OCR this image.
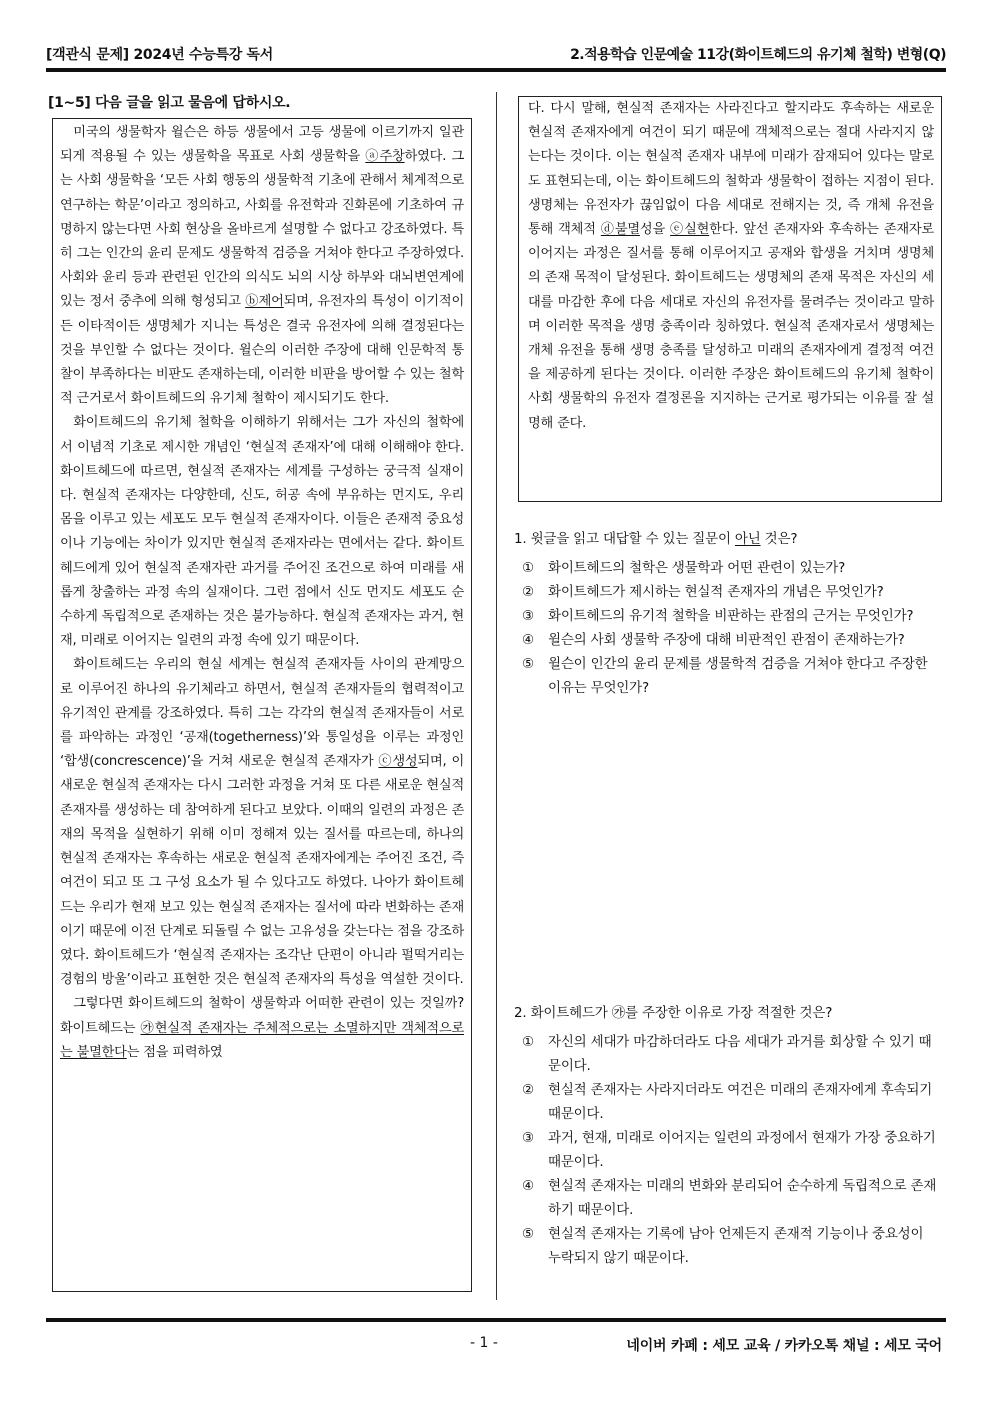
[객관식 문제] 2024년 수능특강 독서	2.적용학습 인문예술 11강(화이트헤드의 유기체 철학) 변형(Q)
[1~5] 다음 글을 읽고 물음에 답하시오.

미국의 생물학자 윌슨은 하등 생물에서 고등 생물에 이르기까지 일관되게 적용될 수 있는 생물학을 목표로 사회 생물학을 ⓐ주창하였다. 그는 사회 생물학을 ‘모든 사회 행동의 생물학적 기초에 관해서 체계적으로 연구하는 학문’이라고 정의하고, 사회를 유전학과 진화론에 기초하여 규명하지 않는다면 사회 현상을 올바르게 설명할 수 없다고 강조하였다. 특히 그는 인간의 윤리 문제도 생물학적 검증을 거쳐야 한다고 주장하였다. 사회와 윤리 등과 관련된 인간의 의식도 뇌의 시상 하부와 대뇌변연계에 있는 정서 중추에 의해 형성되고 ⓑ제어되며, 유전자의 특성이 이기적이든 이타적이든 생명체가 지니는 특성은 결국 유전자에 의해 결정된다는 것을 부인할 수 없다는 것이다. 윌슨의 이러한 주장에 대해 인문학적 통찰이 부족하다는 비판도 존재하는데, 이러한 비판을 방어할 수 있는 철학적 근거로서 화이트헤드의 유기체 철학이 제시되기도 한다.

화이트헤드의 유기체 철학을 이해하기 위해서는 그가 자신의 철학에서 이념적 기초로 제시한 개념인 ‘현실적 존재자’에 대해 이해해야 한다. 화이트헤드에 따르면, 현실적 존재자는 세계를 구성하는 궁극적 실재이다. 현실적 존재자는 다양한데, 신도, 허공 속에 부유하는 먼지도, 우리 몸을 이루고 있는 세포도 모두 현실적 존재자이다. 이들은 존재적 중요성이나 기능에는 차이가 있지만 현실적 존재자라는 면에서는 같다. 화이트헤드에게 있어 현실적 존재자란 과거를 주어진 조건으로 하여 미래를 새롭게 창출하는 과정 속의 실재이다. 그런 점에서 신도 먼지도 세포도 순수하게 독립적으로 존재하는 것은 불가능하다. 현실적 존재자는 과거, 현재, 미래로 이어지는 일련의 과정 속에 있기 때문이다.

화이트헤드는 우리의 현실 세계는 현실적 존재자들 사이의 관계망으로 이루어진 하나의 유기체라고 하면서, 현실적 존재자들의 협력적이고 유기적인 관계를 강조하였다. 특히 그는 각각의 현실적 존재자들이 서로를 파악하는 과정인 ‘공재(togetherness)’와 통일성을 이루는 과정인 ‘합생(concrescence)’을 거쳐 새로운 현실적 존재자가 ⓒ생성되며, 이 새로운 현실적 존재자는 다시 그러한 과정을 거쳐 또 다른 새로운 현실적 존재자를 생성하는 데 참여하게 된다고 보았다. 이때의 일련의 과정은 존재의 목적을 실현하기 위해 이미 정해져 있는 질서를 따르는데, 하나의 현실적 존재자는 후속하는 새로운 현실적 존재자에게는 주어진 조건, 즉 여건이 되고 또 그 구성 요소가 될 수 있다고도 하였다. 나아가 화이트헤드는 우리가 현재 보고 있는 현실적 존재자는 질서에 따라 변화하는 존재이기 때문에 이전 단계로 되돌릴 수 없는 고유성을 갖는다는 점을 강조하였다. 화이트헤드가 ‘현실적 존재자는 조각난 단편이 아니라 펄떡거리는 경험의 방울’이라고 표현한 것은 현실적 존재자의 특성을 역설한 것이다.

그렇다면 화이트헤드의 철학이 생물학과 어떠한 관련이 있는 것일까? 화이트헤드는 ㉮현실적 존재자는 주체적으로는 소멸하지만 객체적으로는 불멸한다는 점을 피력하였

다. 다시 말해, 현실적 존재자는 사라진다고 할지라도 후속하는 새로운 현실적 존재자에게 여건이 되기 때문에 객체적으로는 절대 사라지지 않는다는 것이다. 이는 현실적 존재자 내부에 미래가 잠재되어 있다는 말로도 표현되는데, 이는 화이트헤드의 철학과 생물학이 접하는 지점이 된다. 생명체는 유전자가 끊임없이 다음 세대로 전해지는 것, 즉 개체 유전을 통해 객체적 ⓓ불멸성을 ⓔ실현한다. 앞선 존재자와 후속하는 존재자로 이어지는 과정은 질서를 통해 이루어지고 공재와 합생을 거치며 생명체의 존재 목적이 달성된다. 화이트헤드는 생명체의 존재 목적은 자신의 세대를 마감한 후에 다음 세대로 자신의 유전자를 물려주는 것이라고 말하며 이러한 목적을 생명 충족이라 칭하였다. 현실적 존재자로서 생명체는 개체 유전을 통해 생명 충족를 달성하고 미래의 존재자에게 결정적 여건을 제공하게 된다는 것이다. 이러한 주장은 화이트헤드의 유기체 철학이 사회 생물학의 유전자 결정론을 지지하는 근거로 평가되는 이유를 잘 설명해 준다.

1. 윗글을 읽고 대답할 수 있는 질문이 아닌 것은?

①	화이트헤드의 철학은 생물학과 어떤 관련이 있는가?
②	화이트헤드가 제시하는 현실적 존재자의 개념은 무엇인가?
③	화이트헤드의 유기적 철학을 비판하는 관점의 근거는 무엇인가?
④	윌슨의 사회 생물학 주장에 대해 비판적인 관점이 존재하는가?
⑤	윌슨이 인간의 윤리 문제를 생물학적 검증을 거쳐야 한다고 주장한 이유는 무엇인가?

2. 화이트헤드가 ㉮를 주장한 이유로 가장 적절한 것은?

①	자신의 세대가 마감하더라도 다음 세대가 과거를 회상할 수 있기 때문이다.
②	현실적 존재자는 사라지더라도 여건은 미래의 존재자에게 후속되기 때문이다.
③	과거, 현재, 미래로 이어지는 일련의 과정에서 현재가 가장 중요하기 때문이다.
④	현실적 존재자는 미래의 변화와 분리되어 순수하게 독립적으로 존재하기 때문이다.
⑤	현실적 존재자는 기록에 남아 언제든지 존재적 기능이나 중요성이 누락되지 않기 때문이다.
- 1 -	네이버 카페 : 세모 교육 / 카카오톡 채널 : 세모 국어
